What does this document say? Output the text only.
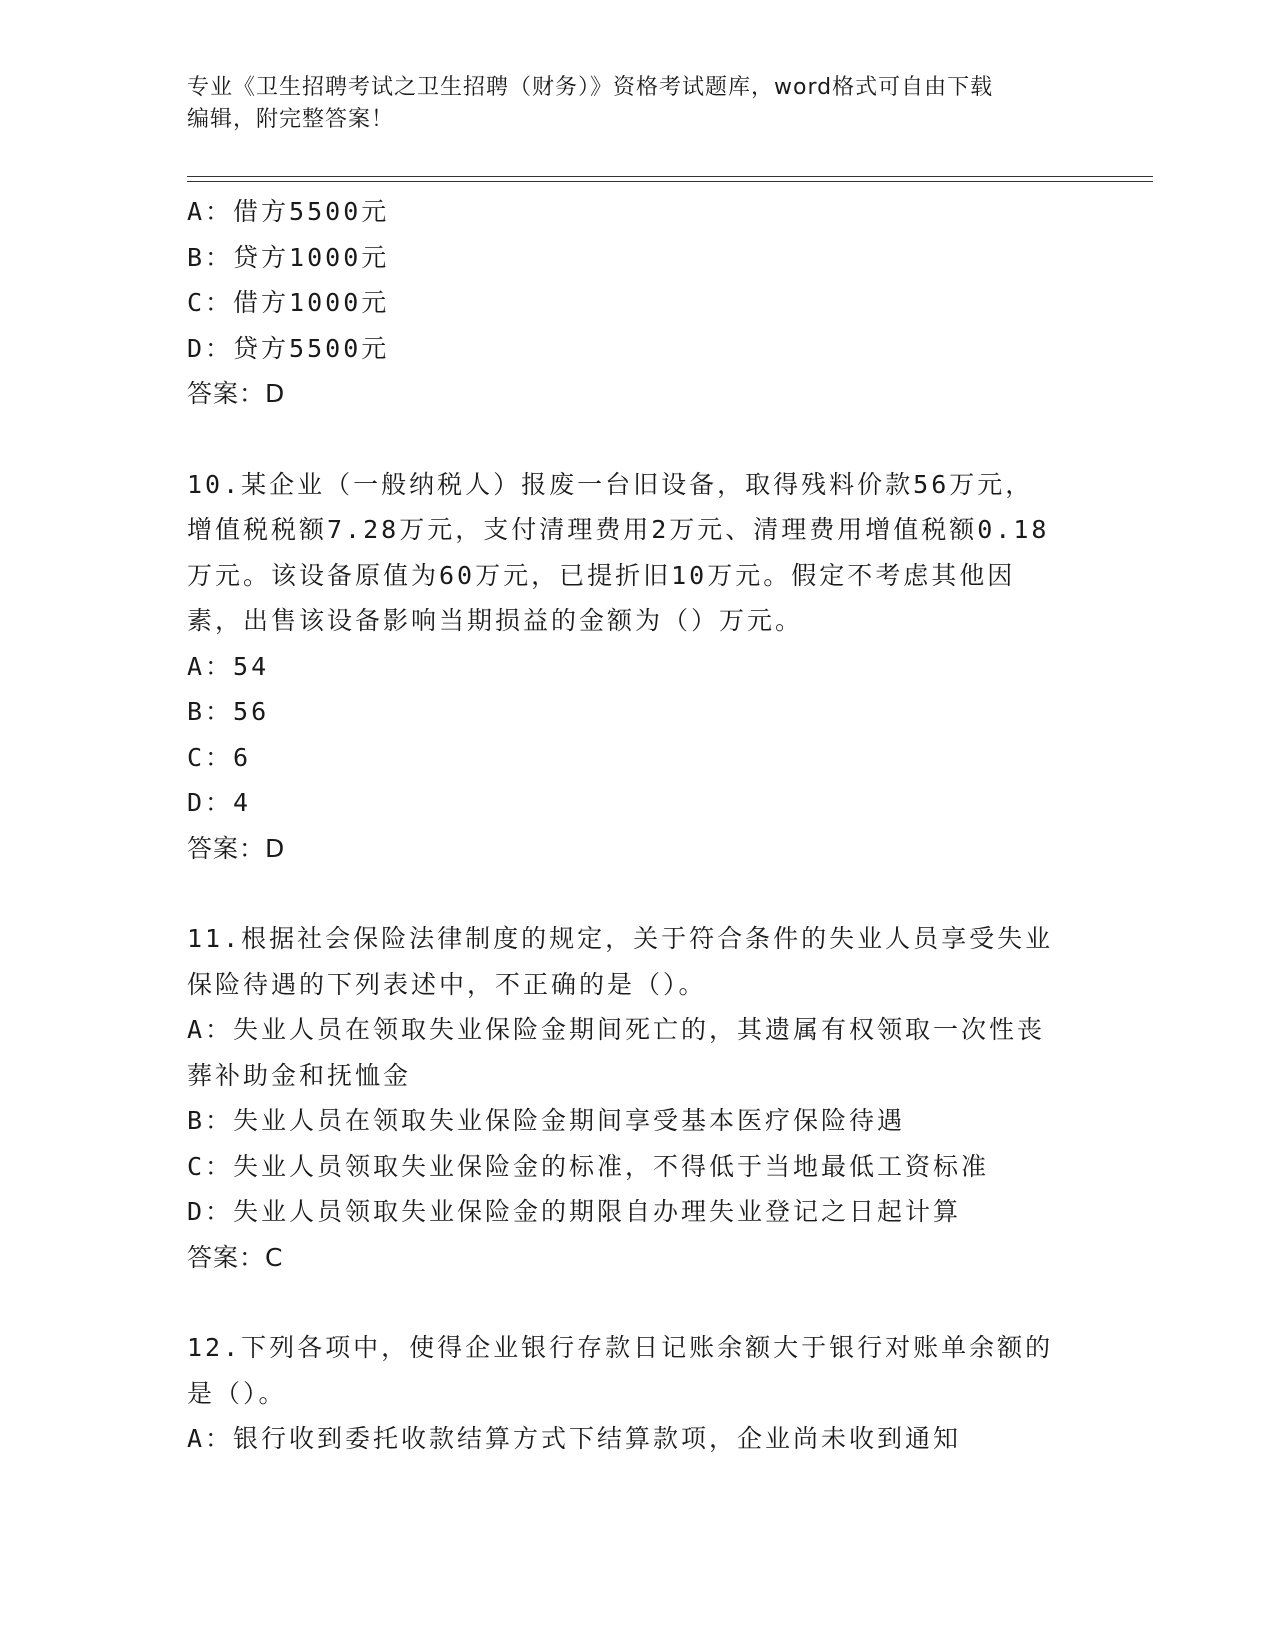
专业《卫生招聘考试之卫生招聘（财务）》资格考试题库，word格式可自由下载
编辑，附完整答案！

A：借方5500元

B：贷方1000元

C：借方1000元

D：贷方5500元

答案：D

10.某企业（一般纳税人）报废一台旧设备，取得残料价款56万元，

增值税税额7.28万元，支付清理费用2万元、清理费用增值税额0.18

万元。该设备原值为60万元，已提折旧10万元。假定不考虑其他因

素，出售该设备影响当期损益的金额为（）万元。

A：54

B：56

C：6

D：4

答案：D

11.根据社会保险法律制度的规定，关于符合条件的失业人员享受失业

保险待遇的下列表述中，不正确的是（）。

A：失业人员在领取失业保险金期间死亡的，其遗属有权领取一次性丧

葬补助金和抚恤金

B：失业人员在领取失业保险金期间享受基本医疗保险待遇

C：失业人员领取失业保险金的标准，不得低于当地最低工资标准

D：失业人员领取失业保险金的期限自办理失业登记之日起计算

答案：C

12.下列各项中，使得企业银行存款日记账余额大于银行对账单余额的

是（）。

A：银行收到委托收款结算方式下结算款项，企业尚未收到通知
